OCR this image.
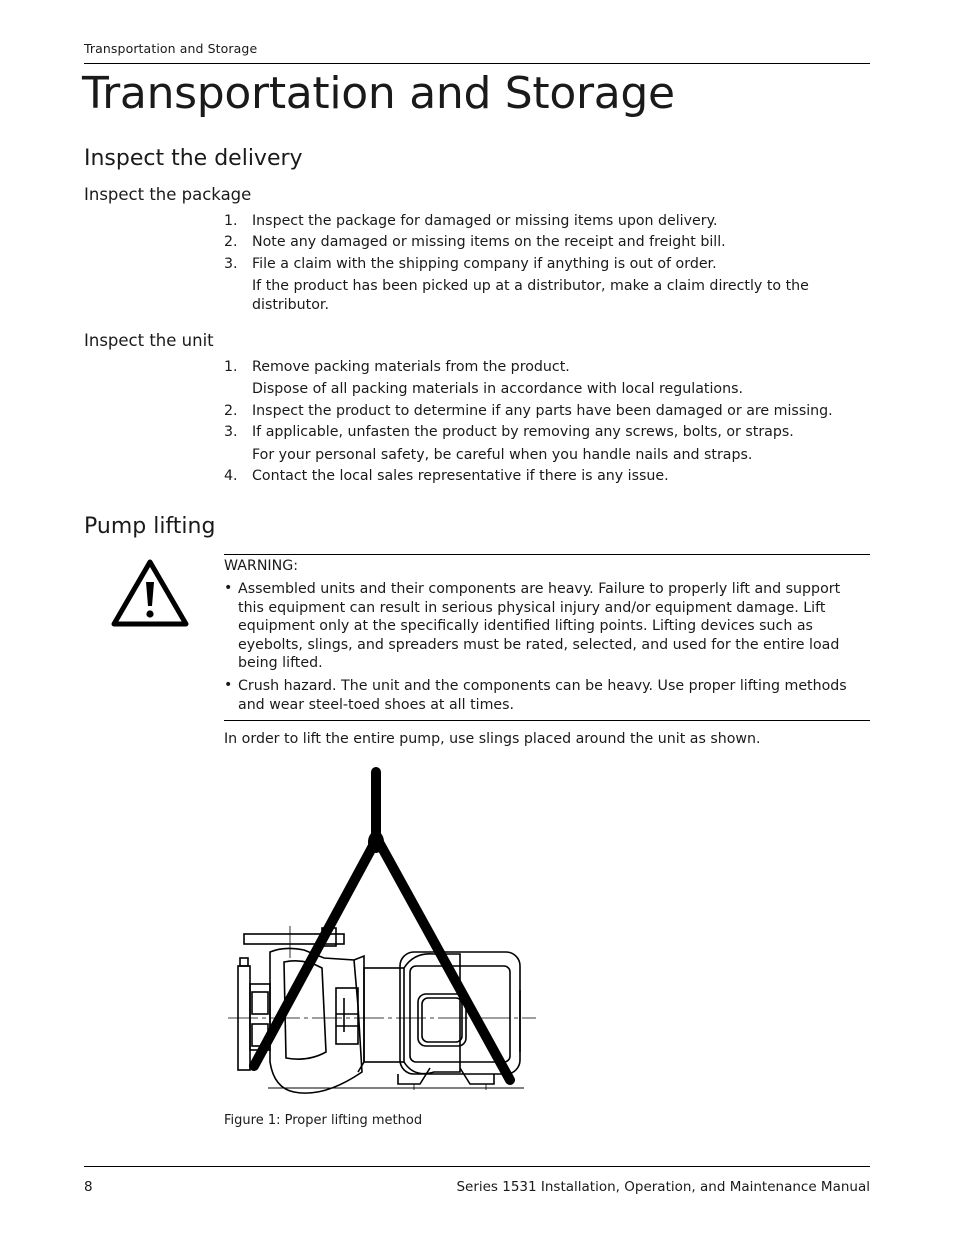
Transportation and Storage
Transportation and Storage
Inspect the delivery
Inspect the package
1.	Inspect the package for damaged or missing items upon delivery.
2.	Note any damaged or missing items on the receipt and freight bill.
3.	File a claim with the shipping company if anything is out of order.
If the product has been picked up at a distributor, make a claim directly to the distributor.
Inspect the unit
1.	Remove packing materials from the product.
Dispose of all packing materials in accordance with local regulations.
2.	Inspect the product to determine if any parts have been damaged or are missing.
3.	If applicable, unfasten the product by removing any screws, bolts, or straps.
For your personal safety, be careful when you handle nails and straps.
4.	Contact the local sales representative if there is any issue.
Pump lifting
WARNING:
• Assembled units and their components are heavy. Failure to properly lift and support this equipment can result in serious physical injury and/or equipment damage. Lift equipment only at the specifically identified lifting points. Lifting devices such as eyebolts, slings, and spreaders must be rated, selected, and used for the entire load being lifted.
• Crush hazard. The unit and the components can be heavy. Use proper lifting methods and wear steel-toed shoes at all times.
In order to lift the entire pump, use slings placed around the unit as shown.
Figure 1: Proper lifting method
8	Series 1531 Installation, Operation, and Maintenance Manual
